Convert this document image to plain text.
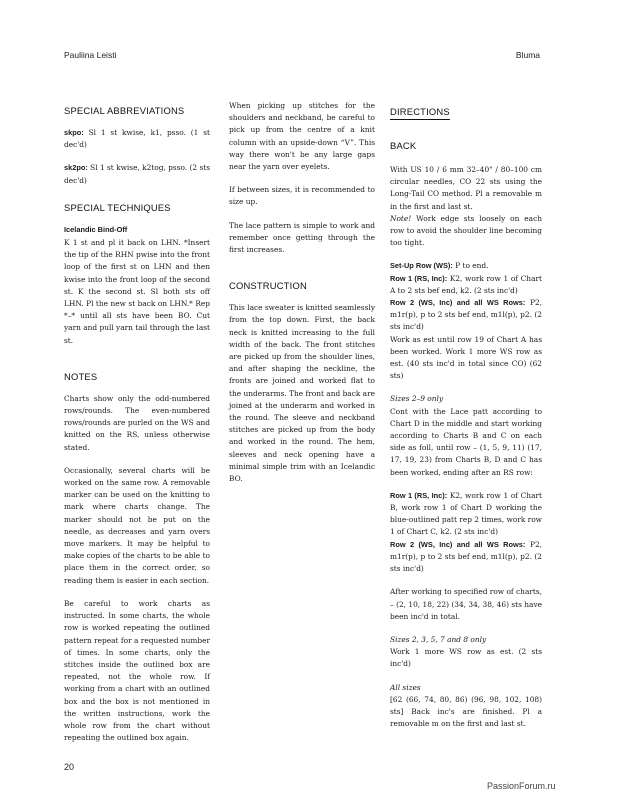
Pauliina Leisti	Bluma
SPECIAL ABBREVIATIONS

skpo: Sl 1 st kwise, k1, psso. (1 st dec'd)

sk2po: Sl 1 st kwise, k2tog, psso. (2 sts dec'd)

SPECIAL TECHNIQUES

Icelandic Bind-Off

K 1 st and pl it back on LHN. *Insert the tip of the RHN pwise into the front loop of the first st on LHN and then kwise into the front loop of the second st. K the second st. Sl both sts off LHN. Pl the new st back on LHN.* Rep *–* until all sts have been BO. Cut yarn and pull yarn tail through the last st.

NOTES

Charts show only the odd-numbered rows/rounds. The even-numbered rows/rounds are purled on the WS and knitted on the RS, unless otherwise stated.

Occasionally, several charts will be worked on the same row. A removable marker can be used on the knitting to mark where charts change. The marker should not be put on the needle, as decreases and yarn overs move markers. It may be helpful to make copies of the charts to be able to place them in the correct order, so reading them is easier in each section.

Be careful to work charts as instructed. In some charts, the whole row is worked repeating the outlined pattern repeat for a requested number of times. In some charts, only the stitches inside the outlined box are repeated, not the whole row. If working from a chart with an outlined box and the box is not mentioned in the written instructions, work the whole row from the chart without repeating the outlined box again.

When picking up stitches for the shoulders and neckband, be careful to pick up from the centre of a knit column with an upside-down “V”. This way there won't be any large gaps near the yarn over eyelets.

If between sizes, it is recommended to size up.

The lace pattern is simple to work and remember once getting through the first increases.

CONSTRUCTION

This lace sweater is knitted seamlessly from the top down. First, the back neck is knitted increasing to the full width of the back. The front stitches are picked up from the shoulder lines, and after shaping the neckline, the fronts are joined and worked flat to the underarms. The front and back are joined at the underarm and worked in the round. The sleeve and neckband stitches are picked up from the body and worked in the round. The hem, sleeves and neck opening have a minimal simple trim with an Icelandic BO.

DIRECTIONS
BACK

With US 10 / 6 mm 32–40" / 80–100 cm circular needles, CO 22 sts using the Long-Tail CO method. Pl a removable m in the first and last st.

Note! Work edge sts loosely on each row to avoid the shoulder line becoming too tight.

Set-Up Row (WS): P to end.

Row 1 (RS, Inc): K2, work row 1 of Chart A to 2 sts bef end, k2. (2 sts inc'd)

Row 2 (WS, Inc) and all WS Rows: P2, m1r(p), p to 2 sts bef end, m1l(p), p2. (2 sts inc'd)

Work as est until row 19 of Chart A has been worked. Work 1 more WS row as est. (40 sts inc'd in total since CO) (62 sts)

Sizes 2–9 only

Cont with the Lace patt according to Chart D in the middle and start working according to Charts B and C on each side as foll, until row – (1, 5, 9, 11) (17, 17, 19, 23) from Charts B, D and C has been worked, ending after an RS row:

Row 1 (RS, Inc): K2, work row 1 of Chart B, work row 1 of Chart D working the blue-outlined patt rep 2 times, work row 1 of Chart C, k2. (2 sts inc'd)

Row 2 (WS, Inc) and all WS Rows: P2, m1r(p), p to 2 sts bef end, m1l(p), p2. (2 sts inc'd)

After working to specified row of charts, – (2, 10, 18, 22) (34, 34, 38, 46) sts have been inc'd in total.

Sizes 2, 3, 5, 7 and 8 only

Work 1 more WS row as est. (2 sts inc'd)

All sizes

[62 (66, 74, 80, 86) (96, 98, 102, 108) sts] Back inc's are finished. Pl a removable m on the first and last st.

20
PassionForum.ru
